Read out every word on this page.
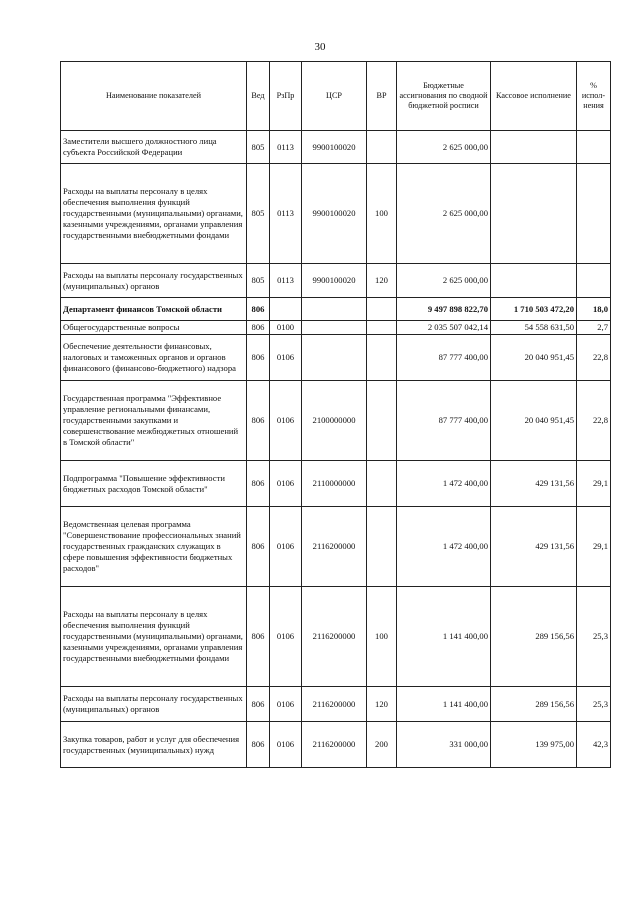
30
Наименование показателей	Вед	РзПр	ЦСР	ВР	Бюджетные ассигнования по сводной бюджетной росписи	Кассовое исполнение	% испол-нения
Заместители высшего должностного лица субъекта Российской Федерации	805	0113	9900100020		2 625 000,00		
Расходы на выплаты персоналу в целях обеспечения выполнения функций государственными (муниципальными) органами, казенными учреждениями, органами управления государственными внебюджетными фондами	805	0113	9900100020	100	2 625 000,00		
Расходы на выплаты персоналу государственных (муниципальных) органов	805	0113	9900100020	120	2 625 000,00		
Департамент финансов Томской области	806				9 497 898 822,70	1 710 503 472,20	18,0
Общегосударственные вопросы	806	0100			2 035 507 042,14	54 558 631,50	2,7
Обеспечение деятельности финансовых, налоговых и таможенных органов и органов финансового (финансово-бюджетного) надзора	806	0106			87 777 400,00	20 040 951,45	22,8
Государственная программа "Эффективное управление региональными финансами, государственными закупками и совершенствование межбюджетных отношений в Томской области"	806	0106	2100000000		87 777 400,00	20 040 951,45	22,8
Подпрограмма "Повышение эффективности бюджетных расходов Томской области"	806	0106	2110000000		1 472 400,00	429 131,56	29,1
Ведомственная целевая программа "Совершенствование профессиональных знаний государственных гражданских служащих в сфере повышения эффективности бюджетных расходов"	806	0106	2116200000		1 472 400,00	429 131,56	29,1
Расходы на выплаты персоналу в целях обеспечения выполнения функций государственными (муниципальными) органами, казенными учреждениями, органами управления государственными внебюджетными фондами	806	0106	2116200000	100	1 141 400,00	289 156,56	25,3
Расходы на выплаты персоналу государственных (муниципальных) органов	806	0106	2116200000	120	1 141 400,00	289 156,56	25,3
Закупка товаров, работ и услуг для обеспечения государственных (муниципальных) нужд	806	0106	2116200000	200	331 000,00	139 975,00	42,3
